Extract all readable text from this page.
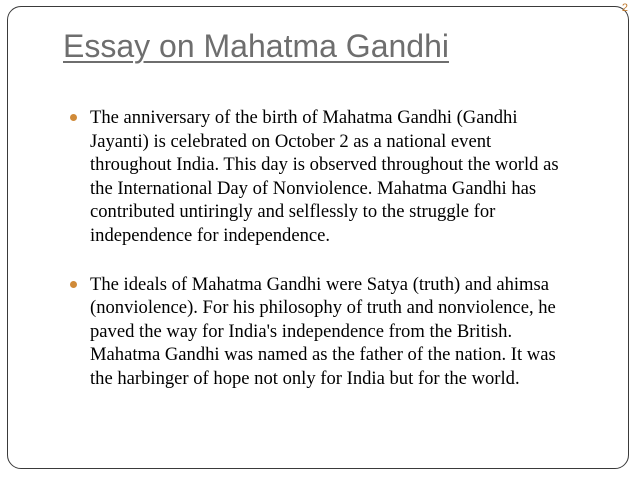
2
Essay on Mahatma Gandhi
The anniversary of the birth of Mahatma Gandhi (Gandhi Jayanti) is celebrated on October 2 as a national event throughout India. This day is observed throughout the world as the International Day of Nonviolence. Mahatma Gandhi has contributed untiringly and selflessly to the struggle for independence for independence.
The ideals of Mahatma Gandhi were Satya (truth) and ahimsa (nonviolence). For his philosophy of truth and nonviolence, he paved the way for India's independence from the British. Mahatma Gandhi was named as the father of the nation. It was the harbinger of hope not only for India but for the world.
